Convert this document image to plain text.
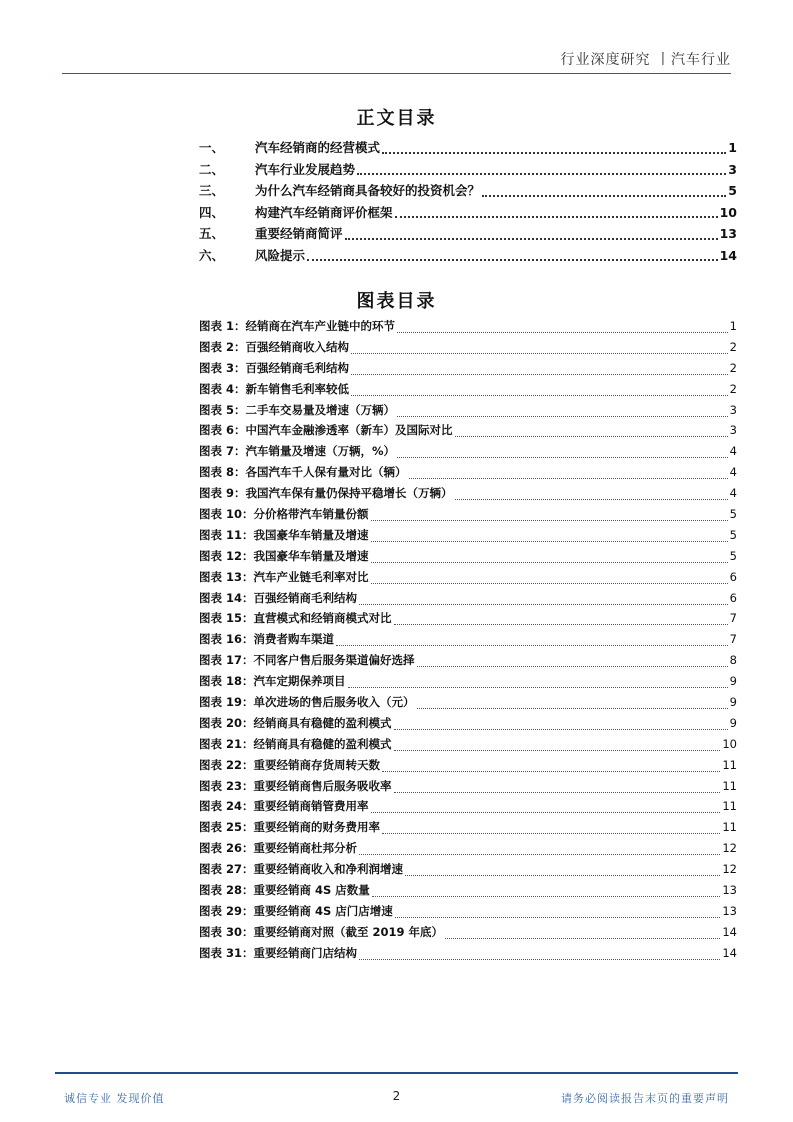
行业深度研究 丨汽车行业
正文目录
一、	汽车经销商的经营模式	1
二、	汽车行业发展趋势	3
三、	为什么汽车经销商具备较好的投资机会？	5
四、	构建汽车经销商评价框架	10
五、	重要经销商简评	13
六、	风险提示	14
图表目录
图表 1：经销商在汽车产业链中的环节	1
图表 2：百强经销商收入结构	2
图表 3：百强经销商毛利结构	2
图表 4：新车销售毛利率较低	2
图表 5：二手车交易量及增速（万辆）	3
图表 6：中国汽车金融渗透率（新车）及国际对比	3
图表 7：汽车销量及增速（万辆，%）	4
图表 8：各国汽车千人保有量对比（辆）	4
图表 9：我国汽车保有量仍保持平稳增长（万辆）	4
图表 10：分价格带汽车销量份额	5
图表 11：我国豪华车销量及增速	5
图表 12：我国豪华车销量及增速	5
图表 13：汽车产业链毛利率对比	6
图表 14：百强经销商毛利结构	6
图表 15：直营模式和经销商模式对比	7
图表 16：消费者购车渠道	7
图表 17：不同客户售后服务渠道偏好选择	8
图表 18：汽车定期保养项目	9
图表 19：单次进场的售后服务收入（元）	9
图表 20：经销商具有稳健的盈利模式	9
图表 21：经销商具有稳健的盈利模式	10
图表 22：重要经销商存货周转天数	11
图表 23：重要经销商售后服务吸收率	11
图表 24：重要经销商销管费用率	11
图表 25：重要经销商的财务费用率	11
图表 26：重要经销商杜邦分析	12
图表 27：重要经销商收入和净利润增速	12
图表 28：重要经销商 4S 店数量	13
图表 29：重要经销商 4S 店门店增速	13
图表 30：重要经销商对照（截至 2019 年底）	14
图表 31：重要经销商门店结构	14
诚信专业 发现价值	2	请务必阅读报告末页的重要声明
